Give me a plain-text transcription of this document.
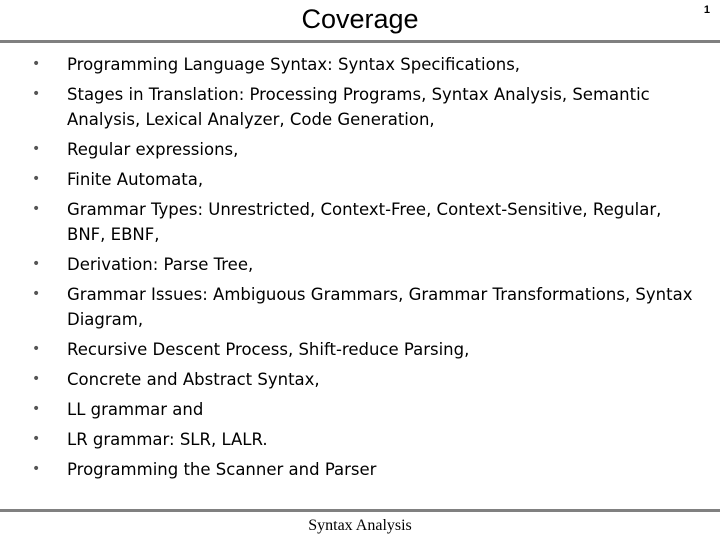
Coverage	1
• Programming Language Syntax: Syntax Specifications,
• Stages in Translation: Processing Programs, Syntax Analysis, Semantic Analysis, Lexical Analyzer, Code Generation,
• Regular expressions,
• Finite Automata,
• Grammar Types: Unrestricted, Context-Free, Context-Sensitive, Regular, BNF, EBNF,
• Derivation: Parse Tree,
• Grammar Issues: Ambiguous Grammars, Grammar Transformations, Syntax Diagram,
• Recursive Descent Process, Shift-reduce Parsing,
• Concrete and Abstract Syntax,
• LL grammar and
• LR grammar: SLR, LALR.
• Programming the Scanner and Parser
Syntax Analysis
